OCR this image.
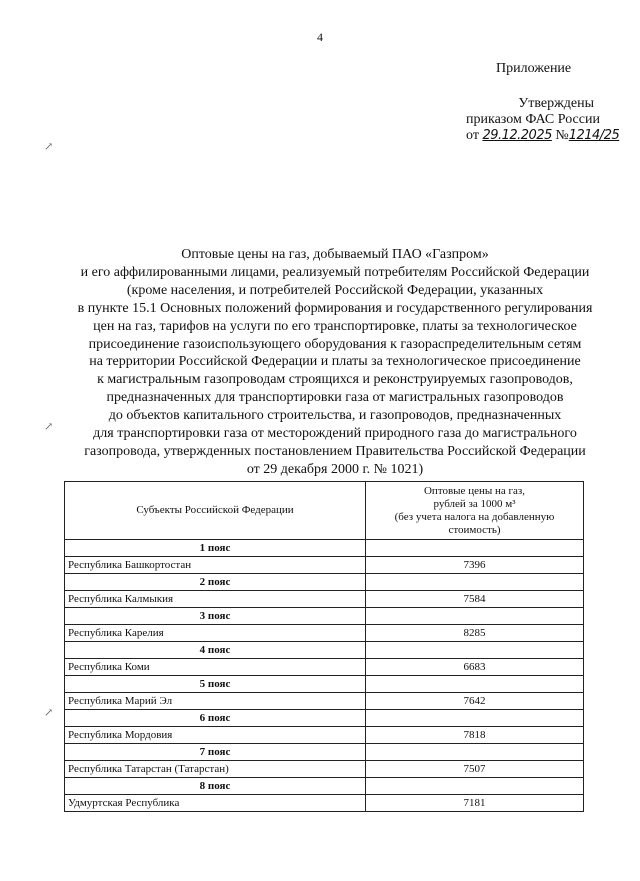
4
Приложение
Утверждены
приказом ФАС России
от 29.12.2025 №1214/25
↗
↗
↗
Оптовые цены на газ, добываемый ПАО «Газпром»
и его аффилированными лицами, реализуемый потребителям Российской Федерации
(кроме населения, и потребителей Российской Федерации, указанных
в пункте 15.1 Основных положений формирования и государственного регулирования
цен на газ, тарифов на услуги по его транспортировке, платы за технологическое
присоединение газоиспользующего оборудования к газораспределительным сетям
на территории Российской Федерации и платы за технологическое присоединение
к магистральным газопроводам строящихся и реконструируемых газопроводов,
предназначенных для транспортировки газа от магистральных газопроводов
до объектов капитального строительства, и газопроводов, предназначенных
для транспортировки газа от месторождений природного газа до магистрального
газопровода, утвержденных постановлением Правительства Российской Федерации
от 29 декабря 2000 г. № 1021)
Субъекты Российской Федерации	Оптовые цены на газ,
рублей за 1000 м³
(без учета налога на добавленную
стоимость)

1 пояс	
Республика Башкортостан	7396
2 пояс	
Республика Калмыкия	7584
3 пояс	
Республика Карелия	8285
4 пояс	
Республика Коми	6683
5 пояс	
Республика Марий Эл	7642
6 пояс	
Республика Мордовия	7818
7 пояс	
Республика Татарстан (Татарстан)	7507
8 пояс	
Удмуртская Республика	7181
